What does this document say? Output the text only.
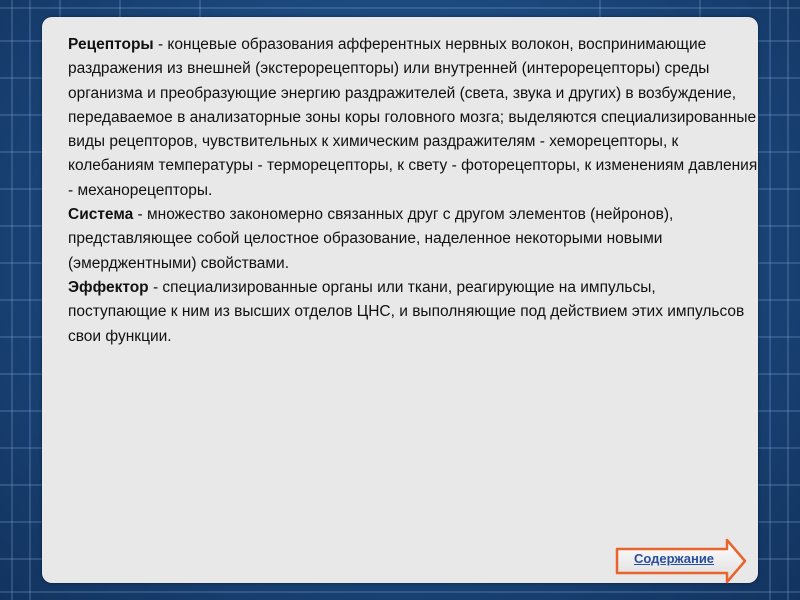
Рецепторы - концевые образования афферентных нервных волокон, воспринимающие раздражения из внешней (экстерорецепторы) или внутренней (интерорецепторы) среды организма и преобразующие энергию раздражителей (света, звука и других) в возбуждение, передаваемое в анализаторные зоны коры головного мозга; выделяются специализированные виды рецепторов, чувствительных к химическим раздражителям - хеморецепторы, к колебаниям температуры - терморецепторы, к свету - фоторецепторы, к изменениям давления - механорецепторы.

Система - множество закономерно связанных друг с другом элементов (нейронов), представляющее собой целостное образование, наделенное некоторыми новыми (эмерджентными) свойствами.

Эффектор - специализированные органы или ткани, реагирующие на импульсы, поступающие к ним из высших отделов ЦНС, и выполняющие под действием этих импульсов свои функции.

Содержание
